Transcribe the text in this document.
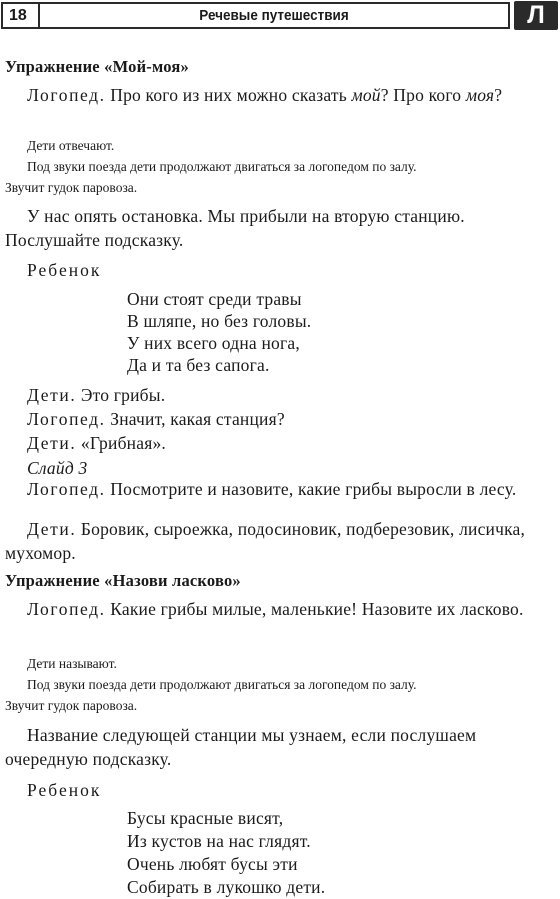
18	Речевые путешествия	Л

Упражнение «Мой-моя»

Логопед. Про кого из них можно сказать мой? Про кого моя?

Дети отвечают.
Под звуки поезда дети продолжают двигаться за логопедом по залу.
Звучит гудок паровоза.

У нас опять остановка. Мы прибыли на вторую станцию. Послушайте подсказку.

Ребенок

Они стоят среди травы
В шляпе, но без головы.
У них всего одна нога,
Да и та без сапога.
Дети. Это грибы.
Логопед. Значит, какая станция?
Дети. «Грибная».

Слайд 3

Логопед. Посмотрите и назовите, какие грибы выросли в лесу.

Дети. Боровик, сыроежка, подосиновик, подберезовик, лисичка, мухомор.

Упражнение «Назови ласково»

Логопед. Какие грибы милые, маленькие! Назовите их ласково.

Дети называют.
Под звуки поезда дети продолжают двигаться за логопедом по залу.
Звучит гудок паровоза.

Название следующей станции мы узнаем, если послушаем очередную подсказку.

Ребенок

Бусы красные висят,
Из кустов на нас глядят.
Очень любят бусы эти
Собирать в лукошко дети.
